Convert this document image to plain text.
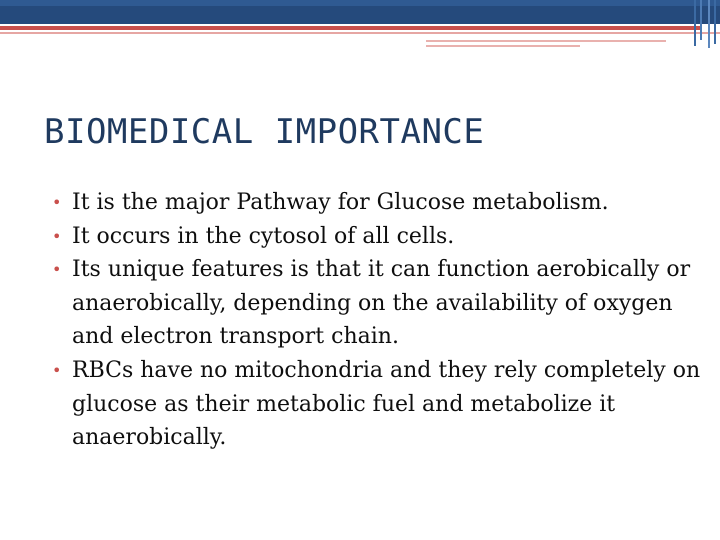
BIOMEDICAL IMPORTANCE
• It is the major Pathway for Glucose metabolism.
• It occurs in the cytosol of all cells.
• Its unique features is that it can function aerobically or anaerobically, depending on the availability of oxygen and electron transport chain.
• RBCs have no mitochondria and they rely completely on glucose as their metabolic fuel and metabolize it anaerobically.
